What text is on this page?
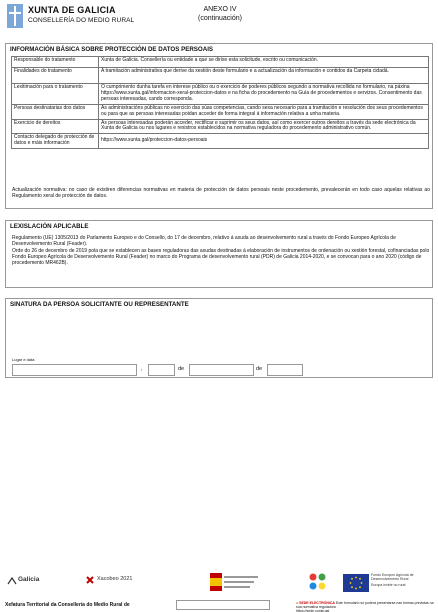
XUNTA DE GALICIA
CONSELLERÍA DO MEDIO RURAL
ANEXO IV
(continuación)
INFORMACIÓN BÁSICA SOBRE PROTECCIÓN DE DATOS PERSOAIS
Responsable do tratamento	Xunta de Galicia. Consellería ou entidade a que se dirixe esta solicitude, escrito ou comunicación.
Finalidades do tratamento	A tramitación administrativa que derive da xestión deste formulario e a actualización da información e contidos da Carpeta cidadá.
Lexitimación para o tratamento	O cumprimento dunha tarefa en interese público ou o exercicio de poderes públicos segundo a normativa recollida no formulario, na páxina https://www.xunta.gal/informacion-xeral-proteccion-datos e na ficha do procedemento na Guía de procedementos e servizos. Consentimento das persoas interesadas, cando corresponda.
Persoas destinatarias dos datos	As administracións públicas no exercicio das súas competencias, cando sexa necesario para a tramitación e resolución dos seus procedementos ou para que as persoas interesadas poidan acceder de forma integral á información relativa a unha materia.
Exercicio de dereitos	As persoas interesadas poderán acceder, rectificar e suprimir os seus datos, así como exercer outros dereitos a través da sede electrónica da Xunta de Galicia ou nos lugares e rexistros establecidos na normativa reguladora do procedemento administrativo común.
Contacto delegado de protección de datos e máis información	https://www.xunta.gal/proteccion-datos-persoais
Actualización normativa: no caso de existiren diferencias normativas en materia de protección de datos persoais neste procedemento, prevalecerán en todo caso aquelas relativas ao Regulamento xeral de protección de datos.
LEXISLACIÓN APLICABLE

Regulamento (UE) 1305/2013 do Parlamento Europeo e do Consello, do 17 de decembro, relativo á axuda ao desenvolvemento rural a través do Fondo Europeo Agrícola de Desenvolvemento Rural (Feader).

Orde do 26 de decembro de 2019 pola que se establecen as bases reguladoras das axudas destinadas á elaboración de instrumentos de ordenación ou xestión forestal, cofinanciadas polo Fondo Europeo Agrícola de Desenvolvemento Rural (Feader) no marco do Programa de desenvolvemento rural (PDR) de Galicia 2014-2020, e se convocan para o ano 2020 (código de procedemento MR462B).

SINATURA DA PERSOA SOLICITANTE OU REPRESENTANTE
Lugar e data
,	de	de
Galicia	Xacobeo 2021
Fondo Europeo Agrícola de Desenvolvemento Rural
Europa invirte no rural
Xefatura Territorial da Consellería do Medio Rural de	● SEDE ELECTRÓNICA Este formulario só poderá presentarse nas formas previstas na súa normativa reguladora
https://sede.xunta.gal
